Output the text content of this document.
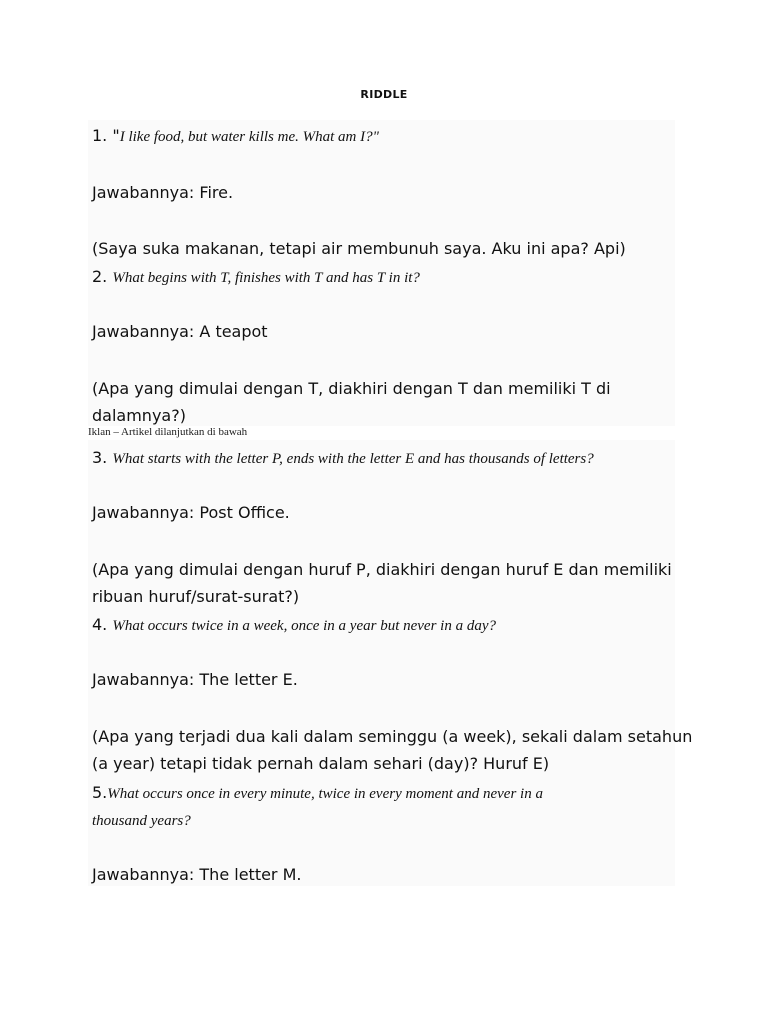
RIDDLE
1. "I like food, but water kills me. What am I?"
Jawabannya: Fire.
(Saya suka makanan, tetapi air membunuh saya. Aku ini apa? Api)
2. What begins with T, finishes with T and has T in it?
Jawabannya: A teapot
(Apa yang dimulai dengan T, diakhiri dengan T dan memiliki T di
dalamnya?)
Iklan – Artikel dilanjutkan di bawah
3. What starts with the letter P, ends with the letter E and has thousands of letters?
Jawabannya: Post Office.
(Apa yang dimulai dengan huruf P, diakhiri dengan huruf E dan memiliki
ribuan huruf/surat-surat?)
4. What occurs twice in a week, once in a year but never in a day?
Jawabannya: The letter E.
(Apa yang terjadi dua kali dalam seminggu (a week), sekali dalam setahun
(a year) tetapi tidak pernah dalam sehari (day)? Huruf E)
5.What occurs once in every minute, twice in every moment and never in a
thousand years?
Jawabannya: The letter M.
